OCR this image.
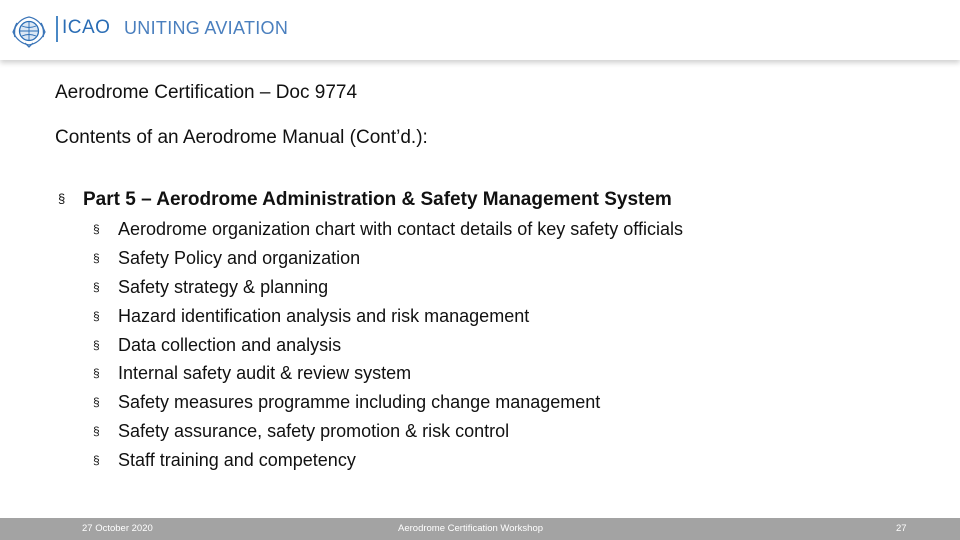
ICAO UNITING AVIATION
Aerodrome Certification – Doc 9774
Contents of an Aerodrome Manual (Cont’d.):
§ Part 5 – Aerodrome Administration & Safety Management System
§ Aerodrome organization chart with contact details of key safety officials
§ Safety Policy and organization
§ Safety strategy & planning
§ Hazard identification analysis and risk management
§ Data collection and analysis
§ Internal safety audit & review system
§ Safety measures programme including change management
§ Safety assurance, safety promotion & risk control
§ Staff training and competency
27 October 2020	Aerodrome Certification Workshop	27
